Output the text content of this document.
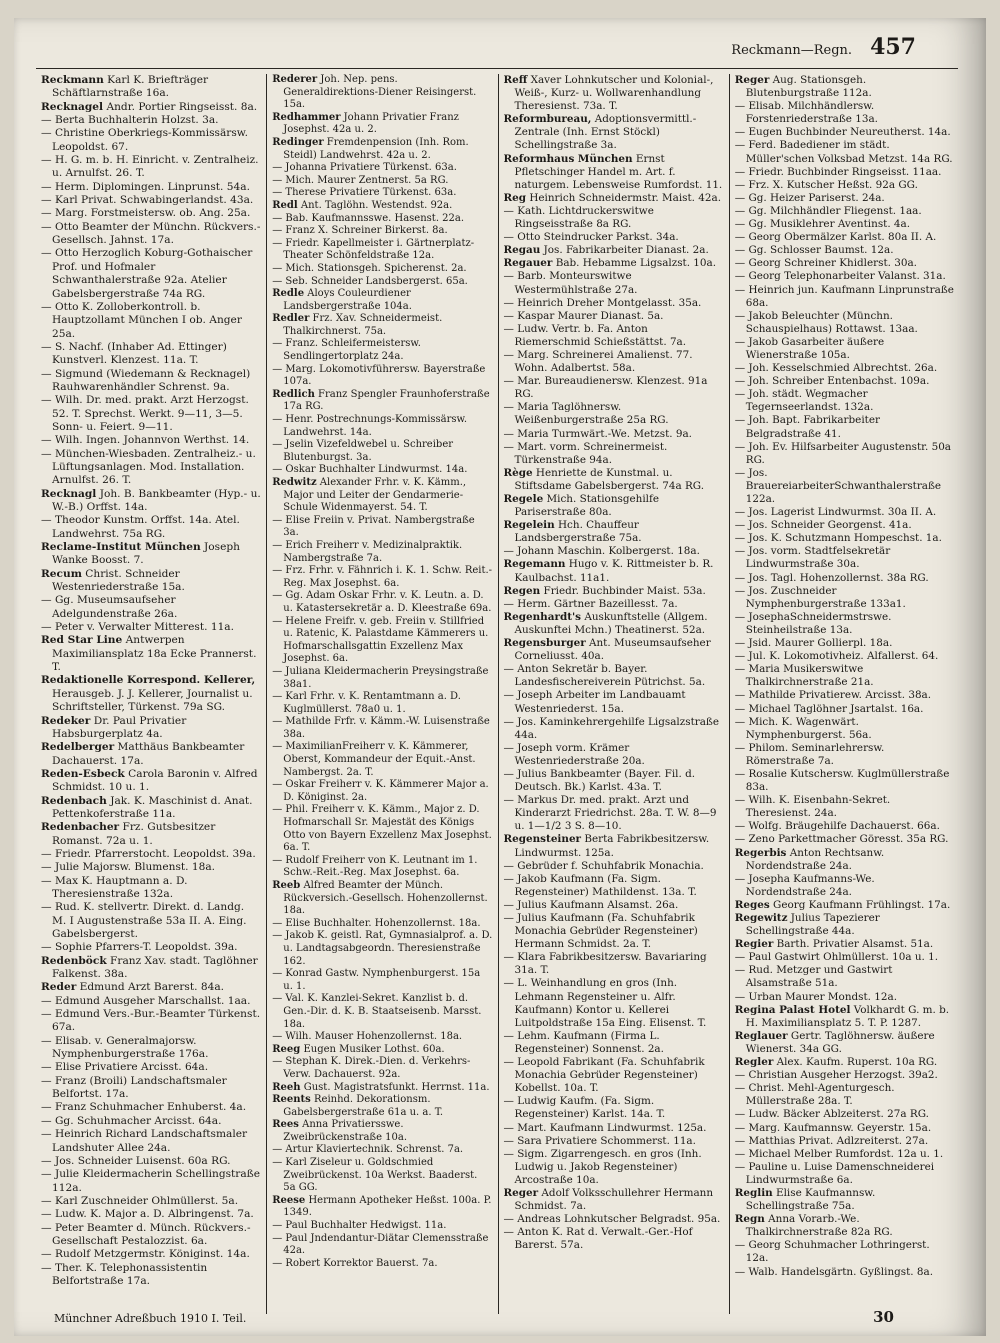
Reckmann—Regn. 457

Reckmann Karl K. Briefträger Schäftlarnstraße 16a.

Recknagel Andr. Portier Ringseisst. 8a.

— Berta Buchhalterin Holzst. 3a.

— Christine Oberkriegs-Kommissärsw. Leopoldst. 67.

— H. G. m. b. H. Einricht. v. Zentralheiz. u. Arnulfst. 26. T.

— Herm. Diplomingen. Linprunst. 54a.

— Karl Privat. Schwabingerlandst. 43a.

— Marg. Forstmeistersw. ob. Ang. 25a.

— Otto Beamter der Münchn. Rückvers.-Gesellsch. Jahnst. 17a.

— Otto Herzoglich Koburg-Gothaischer Prof. und Hofmaler Schwanthalerstraße 92a. Atelier Gabelsbergerstraße 74a RG.

— Otto K. Zolloberkontroll. b. Hauptzollamt München I ob. Anger 25a.

— S. Nachf. (Inhaber Ad. Ettinger) Kunstverl. Klenzest. 11a. T.

— Sigmund (Wiedemann & Recknagel) Rauhwarenhändler Schrenst. 9a.

— Wilh. Dr. med. prakt. Arzt Herzogst. 52. T. Sprechst. Werkt. 9—11, 3—5. Sonn- u. Feiert. 9—11.

— Wilh. Ingen. Johannvon Werthst. 14.

— München-Wiesbaden. Zentralheiz.- u. Lüftungsanlagen. Mod. Installation. Arnulfst. 26. T.

Recknagl Joh. B. Bankbeamter (Hyp.- u. W.-B.) Orffst. 14a.

— Theodor Kunstm. Orffst. 14a. Atel. Landwehrst. 75a RG.

Reclame-Institut München Joseph Wanke Boosst. 7.

Recum Christ. Schneider Westenriederstraße 15a.

— Gg. Museumsaufseher Adelgundenstraße 26a.

— Peter v. Verwalter Mitterest. 11a.

Red Star Line Antwerpen Maximiliansplatz 18a Ecke Prannerst. T.

Redaktionelle Korrespond. Kellerer, Herausgeb. J. J. Kellerer, Journalist u. Schriftsteller, Türkenst. 79a SG.

Redeker Dr. Paul Privatier Habsburgerplatz 4a.

Redelberger Matthäus Bankbeamter Dachauerst. 17a.

Reden-Esbeck Carola Baronin v. Alfred Schmidst. 10 u. 1.

Redenbach Jak. K. Maschinist d. Anat. Pettenkoferstraße 11a.

Redenbacher Frz. Gutsbesitzer Romanst. 72a u. 1.

— Friedr. Pfarrerstocht. Leopoldst. 39a.

— Julie Majorsw. Blumenst. 18a.

— Max K. Hauptmann a. D. Theresienstraße 132a.

— Rud. K. stellvertr. Direkt. d. Landg. M. I Augustenstraße 53a II. A. Eing. Gabelsbergerst.

— Sophie Pfarrers-T. Leopoldst. 39a.

Redenböck Franz Xav. stadt. Taglöhner Falkenst. 38a.

Reder Edmund Arzt Barerst. 84a.

— Edmund Ausgeher Marschallst. 1aa.

— Edmund Vers.-Bur.-Beamter Türkenst. 67a.

— Elisab. v. Generalmajorsw. Nymphenburgerstraße 176a.

— Elise Privatiere Arcisst. 64a.

— Franz (Broili) Landschaftsmaler Belfortst. 17a.

— Franz Schuhmacher Enhuberst. 4a.

— Gg. Schuhmacher Arcisst. 64a.

— Heinrich Richard Landschaftsmaler Landshuter Allee 24a.

— Jos. Schneider Luisenst. 60a RG.

— Julie Kleidermacherin Schellingstraße 112a.

— Karl Zuschneider Ohlmüllerst. 5a.

— Ludw. K. Major a. D. Albringenst. 7a.

— Peter Beamter d. Münch. Rückvers.-Gesellschaft Pestalozzist. 6a.

— Rudolf Metzgermstr. Königinst. 14a.

— Ther. K. Telephonassistentin Belfortstraße 17a.

Rederer Joh. Nep. pens. Generaldirektions-Diener Reisingerst. 15a.

Redhammer Johann Privatier Franz Josephst. 42a u. 2.

Redinger Fremdenpension (Inh. Rom. Steidl) Landwehrst. 42a u. 2.

— Johanna Privatiere Türkenst. 63a.

— Mich. Maurer Zentnerst. 5a RG.

— Therese Privatiere Türkenst. 63a.

Redl Ant. Taglöhn. Westendst. 92a.

— Bab. Kaufmannsswe. Hasenst. 22a.

— Franz X. Schreiner Birkerst. 8a.

— Friedr. Kapellmeister i. Gärtnerplatz-Theater Schönfeldstraße 12a.

— Mich. Stationsgeh. Spicherenst. 2a.

— Seb. Schneider Landsbergerst. 65a.

Redle Aloys Couleurdiener Landsbergerstraße 104a.

Redler Frz. Xav. Schneidermeist. Thalkirchnerst. 75a.

— Franz. Schleifermeistersw. Sendlingertorplatz 24a.

— Marg. Lokomotivführersw. Bayerstraße 107a.

Redlich Franz Spengler Fraunhoferstraße 17a RG.

— Henr. Postrechnungs-Kommissärsw. Landwehrst. 14a.

— Jselin Vizefeldwebel u. Schreiber Blutenburgst. 3a.

— Oskar Buchhalter Lindwurmst. 14a.

Redwitz Alexander Frhr. v. K. Kämm., Major und Leiter der Gendarmerie-Schule Widenmayerst. 54. T.

— Elise Freiin v. Privat. Nambergstraße 3a.

— Erich Freiherr v. Medizinalpraktik. Nambergstraße 7a.

— Frz. Frhr. v. Fähnrich i. K. 1. Schw. Reit.-Reg. Max Josephst. 6a.

— Gg. Adam Oskar Frhr. v. K. Leutn. a. D. u. Katastersekretär a. D. Kleestraße 69a.

— Helene Freifr. v. geb. Freiin v. Stillfried u. Ratenic, K. Palastdame Kämmerers u. Hofmarschallsgattin Exzellenz Max Josephst. 6a.

— Juliana Kleidermacherin Preysingstraße 38a1.

— Karl Frhr. v. K. Rentamtmann a. D. Kuglmüllerst. 78a0 u. 1.

— Mathilde Frfr. v. Kämm.-W. Luisenstraße 38a.

— MaximilianFreiherr v. K. Kämmerer, Oberst, Kommandeur der Equit.-Anst. Nambergst. 2a. T.

— Oskar Freiherr v. K. Kämmerer Major a. D. Königinst. 2a.

— Phil. Freiherr v. K. Kämm., Major z. D. Hofmarschall Sr. Majestät des Königs Otto von Bayern Exzellenz Max Josephst. 6a. T.

— Rudolf Freiherr von K. Leutnant im 1. Schw.-Reit.-Reg. Max Josephst. 6a.

Reeb Alfred Beamter der Münch. Rückversich.-Gesellsch. Hohenzollernst. 18a.

— Elise Buchhalter. Hohenzollernst. 18a.

— Jakob K. geistl. Rat, Gymnasialprof. a. D. u. Landtagsabgeordn. Theresienstraße 162.

— Konrad Gastw. Nymphenburgerst. 15a u. 1.

— Val. K. Kanzlei-Sekret. Kanzlist b. d. Gen.-Dir. d. K. B. Staatseisenb. Marsst. 18a.

— Wilh. Mauser Hohenzollernst. 18a.

Reeg Eugen Musiker Lothst. 60a.

— Stephan K. Direk.-Dien. d. Verkehrs-Verw. Dachauerst. 92a.

Reeh Gust. Magistratsfunkt. Herrnst. 11a.

Reents Reinhd. Dekorationsm. Gabelsbergerstraße 61a u. a. T.

Rees Anna Privatiersswe. Zweibrückenstraße 10a.

— Artur Klaviertechnik. Schrenst. 7a.

— Karl Ziseleur u. Goldschmied Zweibrückenst. 10a Werkst. Baaderst. 5a GG.

Reese Hermann Apotheker Heßst. 100a. P. 1349.

— Paul Buchhalter Hedwigst. 11a.

— Paul Jndendantur-Diätar Clemensstraße 42a.

— Robert Korrektor Bauerst. 7a.

Reff Xaver Lohnkutscher und Kolonial-, Weiß-, Kurz- u. Wollwarenhandlung Theresienst. 73a. T.

Reformbureau, Adoptionsvermittl.-Zentrale (Inh. Ernst Stöckl) Schellingstraße 3a.

Reformhaus München Ernst Pfletschinger Handel m. Art. f. naturgem. Lebensweise Rumfordst. 11.

Reg Heinrich Schneidermstr. Maist. 42a.

— Kath. Lichtdruckerswitwe Ringseisstraße 8a RG.

— Otto Steindrucker Parkst. 34a.

Regau Jos. Fabrikarbeiter Dianast. 2a.

Regauer Bab. Hebamme Ligsalzst. 10a.

— Barb. Monteurswitwe Westermühlstraße 27a.

— Heinrich Dreher Montgelasst. 35a.

— Kaspar Maurer Dianast. 5a.

— Ludw. Vertr. b. Fa. Anton Riemerschmid Schießstättst. 7a.

— Marg. Schreinerei Amalienst. 77. Wohn. Adalbertst. 58a.

— Mar. Bureaudienersw. Klenzest. 91a RG.

— Maria Taglöhnersw. Weißenburgerstraße 25a RG.

— Maria Turmwärt.-We. Metzst. 9a.

— Mart. vorm. Schreinermeist. Türkenstraße 94a.

Rège Henriette de Kunstmal. u. Stiftsdame Gabelsbergerst. 74a RG.

Regele Mich. Stationsgehilfe Pariserstraße 80a.

Regelein Hch. Chauffeur Landsbergerstraße 75a.

— Johann Maschin. Kolbergerst. 18a.

Regemann Hugo v. K. Rittmeister b. R. Kaulbachst. 11a1.

Regen Friedr. Buchbinder Maist. 53a.

— Herm. Gärtner Bazeillesst. 7a.

Regenhardt's Auskunftstelle (Allgem. Auskunftei Mchn.) Theatinerst. 52a.

Regensburger Ant. Museumsaufseher Corneliusst. 40a.

— Anton Sekretär b. Bayer. Landesfischereiverein Pütrichst. 5a.

— Joseph Arbeiter im Landbauamt Westenriederst. 15a.

— Jos. Kaminkehrergehilfe Ligsalzstraße 44a.

— Joseph vorm. Krämer Westenriederstraße 20a.

— Julius Bankbeamter (Bayer. Fil. d. Deutsch. Bk.) Karlst. 43a. T.

— Markus Dr. med. prakt. Arzt und Kinderarzt Friedrichst. 28a. T. W. 8—9 u. 1—1/2 3 S. 8—10.

Regensteiner Berta Fabrikbesitzersw. Lindwurmst. 125a.

— Gebrüder f. Schuhfabrik Monachia.

— Jakob Kaufmann (Fa. Sigm. Regensteiner) Mathildenst. 13a. T.

— Julius Kaufmann Alsamst. 26a.

— Julius Kaufmann (Fa. Schuhfabrik Monachia Gebrüder Regensteiner) Hermann Schmidst. 2a. T.

— Klara Fabrikbesitzersw. Bavariaring 31a. T.

— L. Weinhandlung en gros (Inh. Lehmann Regensteiner u. Alfr. Kaufmann) Kontor u. Kellerei Luitpoldstraße 15a Eing. Elisenst. T.

— Lehm. Kaufmann (Firma L. Regensteiner) Sonnenst. 2a.

— Leopold Fabrikant (Fa. Schuhfabrik Monachia Gebrüder Regensteiner) Kobellst. 10a. T.

— Ludwig Kaufm. (Fa. Sigm. Regensteiner) Karlst. 14a. T.

— Mart. Kaufmann Lindwurmst. 125a.

— Sara Privatiere Schommerst. 11a.

— Sigm. Zigarrengesch. en gros (Inh. Ludwig u. Jakob Regensteiner) Arcostraße 10a.

Reger Adolf Volksschullehrer Hermann Schmidst. 7a.

— Andreas Lohnkutscher Belgradst. 95a.

— Anton K. Rat d. Verwalt.-Ger.-Hof Barerst. 57a.

Reger Aug. Stationsgeh. Blutenburgstraße 112a.

— Elisab. Milchhändlersw. Forstenriederstraße 13a.

— Eugen Buchbinder Neureutherst. 14a.

— Ferd. Badediener im städt. Müller'schen Volksbad Metzst. 14a RG.

— Friedr. Buchbinder Ringseisst. 11aa.

— Frz. X. Kutscher Heßst. 92a GG.

— Gg. Heizer Pariserst. 24a.

— Gg. Milchhändler Fliegenst. 1aa.

— Gg. Musiklehrer Aventinst. 4a.

— Georg Obermälzer Karlst. 80a II. A.

— Gg. Schlosser Baumst. 12a.

— Georg Schreiner Khidlerst. 30a.

— Georg Telephonarbeiter Valanst. 31a.

— Heinrich jun. Kaufmann Linprunstraße 68a.

— Jakob Beleuchter (Münchn. Schauspielhaus) Rottawst. 13aa.

— Jakob Gasarbeiter äußere Wienerstraße 105a.

— Joh. Kesselschmied Albrechtst. 26a.

— Joh. Schreiber Entenbachst. 109a.

— Joh. städt. Wegmacher Tegernseerlandst. 132a.

— Joh. Bapt. Fabrikarbeiter Belgradstraße 41.

— Joh. Ev. Hilfsarbeiter Augustenstr. 50a RG.

— Jos. BrauereiarbeiterSchwanthalerstraße 122a.

— Jos. Lagerist Lindwurmst. 30a II. A.

— Jos. Schneider Georgenst. 41a.

— Jos. K. Schutzmann Hompeschst. 1a.

— Jos. vorm. Stadtfelsekretär Lindwurmstraße 30a.

— Jos. Tagl. Hohenzollernst. 38a RG.

— Jos. Zuschneider Nymphenburgerstraße 133a1.

— JosephaSchneidermstrswe. Steinheilstraße 13a.

— Jsid. Maurer Gollierpl. 18a.

— Jul. K. Lokomotivheiz. Alfallerst. 64.

— Maria Musikerswitwe Thalkirchnerstraße 21a.

— Mathilde Privatierew. Arcisst. 38a.

— Michael Taglöhner Jsartalst. 16a.

— Mich. K. Wagenwärt. Nymphenburgerst. 56a.

— Philom. Seminarlehrersw. Römerstraße 7a.

— Rosalie Kutschersw. Kuglmüllerstraße 83a.

— Wilh. K. Eisenbahn-Sekret. Theresienst. 24a.

— Wolfg. Bräugehilfe Dachauerst. 66a.

— Zeno Parkettmacher Göresst. 35a RG.

Regerbis Anton Rechtsanw. Nordendstraße 24a.

— Josepha Kaufmanns-We. Nordendstraße 24a.

Reges Georg Kaufmann Frühlingst. 17a.

Regewitz Julius Tapezierer Schellingstraße 44a.

Regier Barth. Privatier Alsamst. 51a.

— Paul Gastwirt Ohlmüllerst. 10a u. 1.

— Rud. Metzger und Gastwirt Alsamstraße 51a.

— Urban Maurer Mondst. 12a.

Regina Palast Hotel Volkhardt G. m. b. H. Maximiliansplatz 5. T. P. 1287.

Reglauer Gertr. Taglöhnersw. äußere Wienerst. 34a GG.

Regler Alex. Kaufm. Ruperst. 10a RG.

— Christian Ausgeher Herzogst. 39a2.

— Christ. Mehl-Agenturgesch. Müllerstraße 28a. T.

— Ludw. Bäcker Ablzeiterst. 27a RG.

— Marg. Kaufmannsw. Geyerstr. 15a.

— Matthias Privat. Adlzreiterst. 27a.

— Michael Melber Rumfordst. 12a u. 1.

— Pauline u. Luise Damenschneiderei Lindwurmstraße 6a.

Reglin Elise Kaufmannsw. Schellingstraße 75a.

Regn Anna Vorarb.-We. Thalkirchnerstraße 82a RG.

— Georg Schuhmacher Lothringerst. 12a.

— Walb. Handelsgärtn. Gyßlingst. 8a.

Münchner Adreßbuch 1910 I. Teil.	30
